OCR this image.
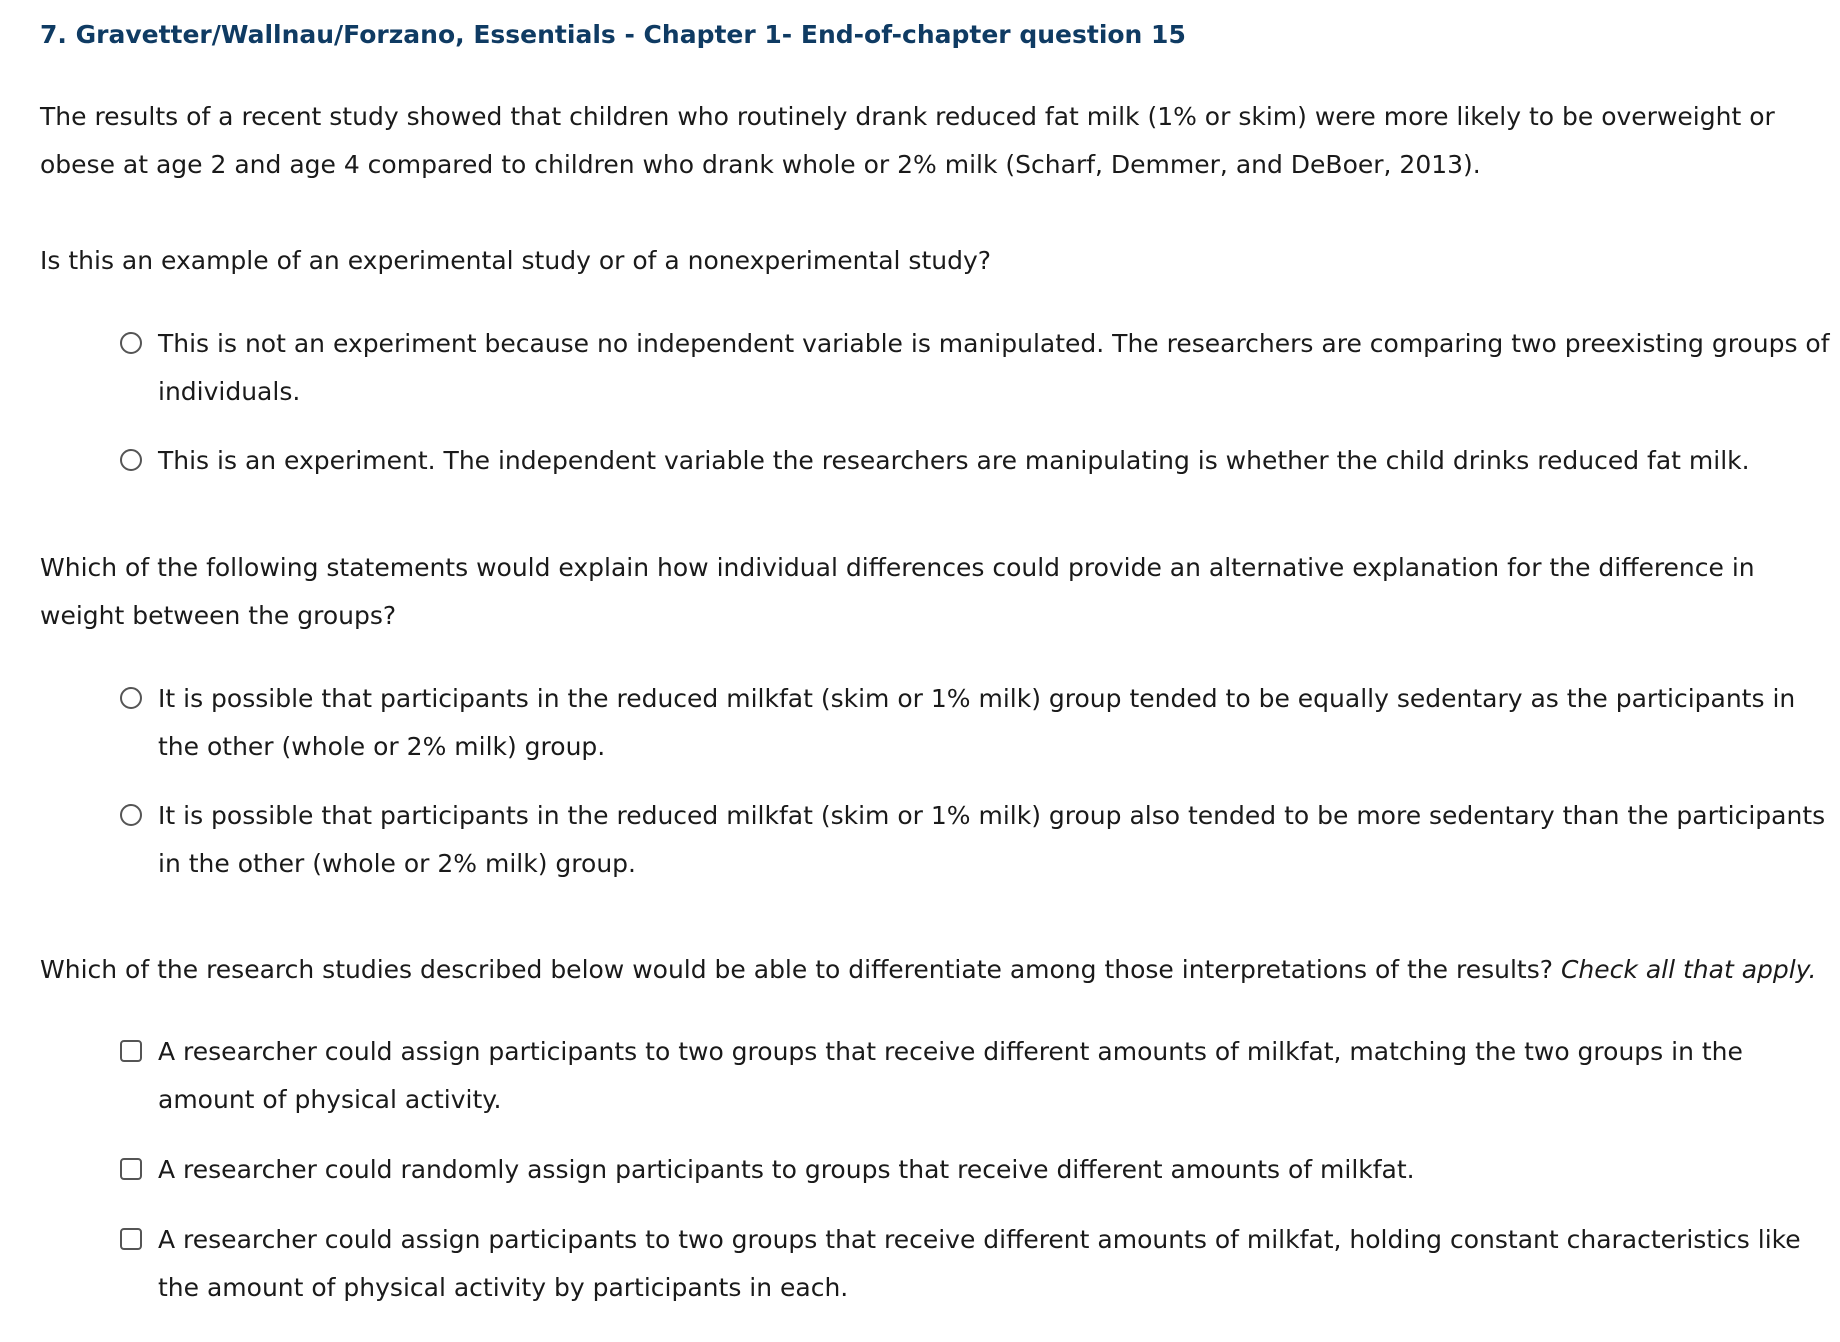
7. Gravetter/Wallnau/Forzano, Essentials - Chapter 1- End-of-chapter question 15

The results of a recent study showed that children who routinely drank reduced fat milk (1% or skim) were more likely to be overweight or obese at age 2 and age 4 compared to children who drank whole or 2% milk (Scharf, Demmer, and DeBoer, 2013).

Is this an example of an experimental study or of a nonexperimental study?

This is not an experiment because no independent variable is manipulated. The researchers are comparing two preexisting groups of individuals.
This is an experiment. The independent variable the researchers are manipulating is whether the child drinks reduced fat milk.

Which of the following statements would explain how individual differences could provide an alternative explanation for the difference in weight between the groups?

It is possible that participants in the reduced milkfat (skim or 1% milk) group tended to be equally sedentary as the participants in the other (whole or 2% milk) group.
It is possible that participants in the reduced milkfat (skim or 1% milk) group also tended to be more sedentary than the participants in the other (whole or 2% milk) group.

Which of the research studies described below would be able to differentiate among those interpretations of the results? Check all that apply.

A researcher could assign participants to two groups that receive different amounts of milkfat, matching the two groups in the amount of physical activity.
A researcher could randomly assign participants to groups that receive different amounts of milkfat.
A researcher could assign participants to two groups that receive different amounts of milkfat, holding constant characteristics like the amount of physical activity by participants in each.
